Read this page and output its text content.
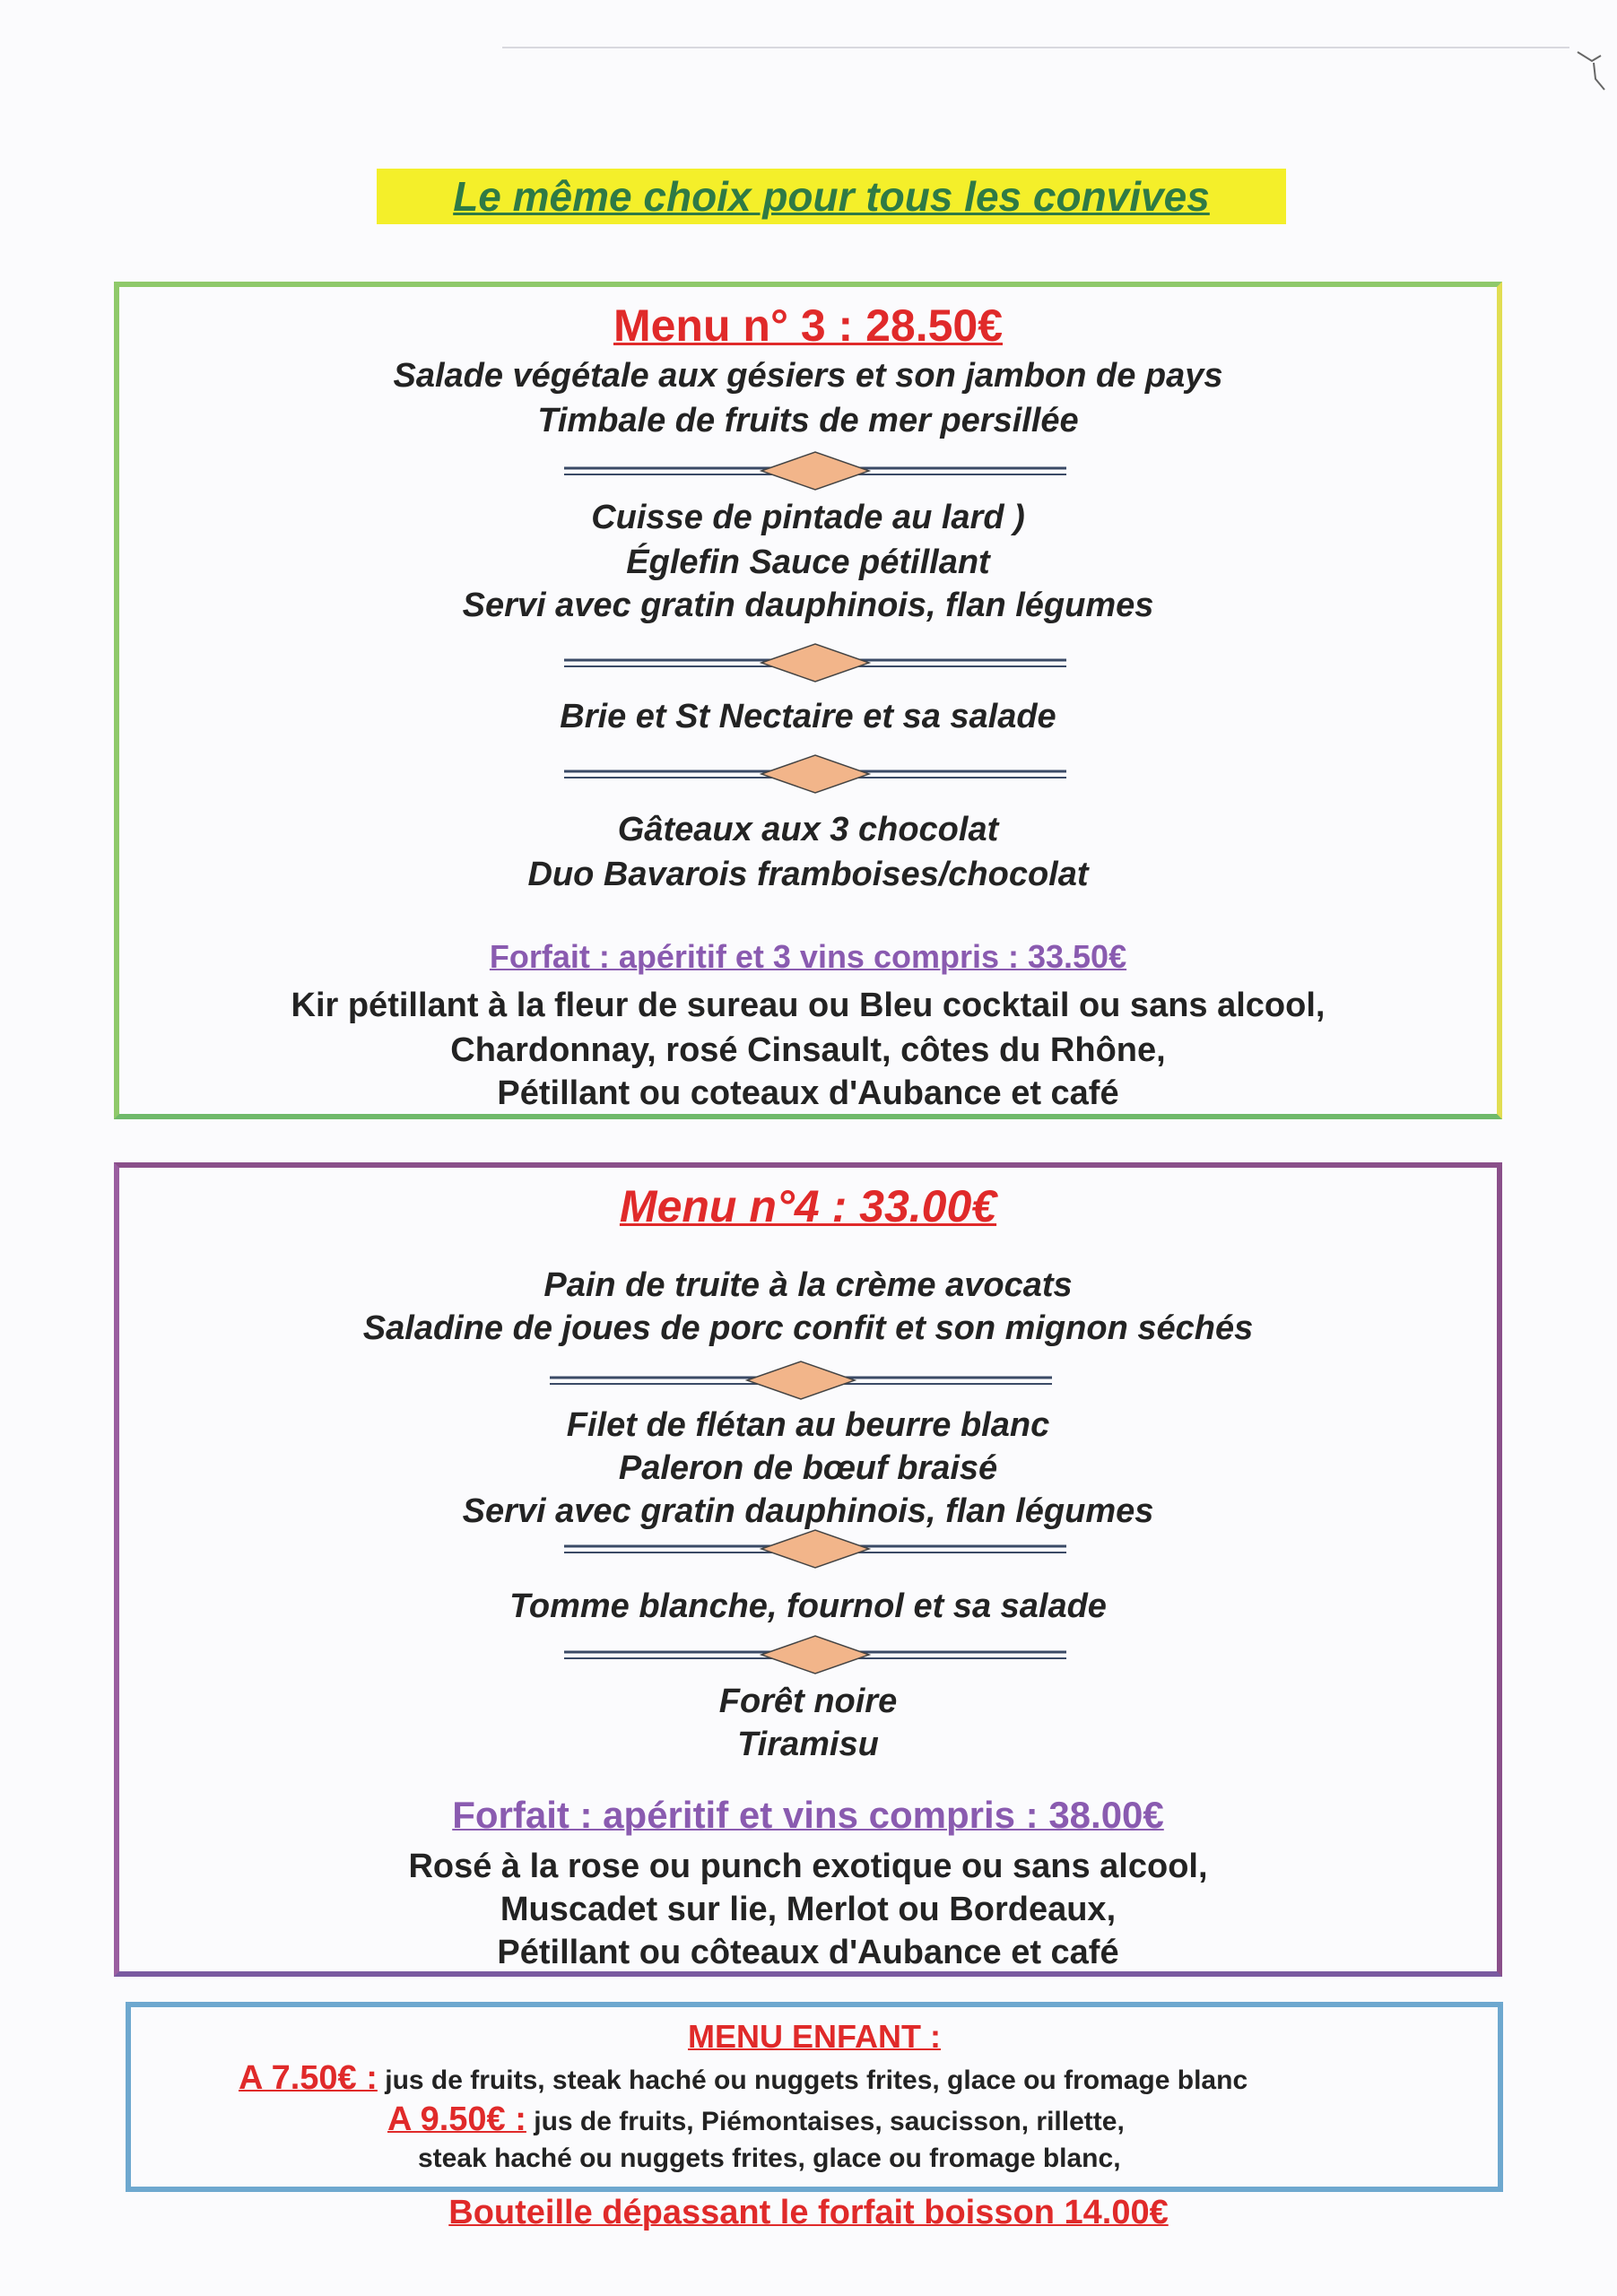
Le même choix pour tous les convives
Menu n° 3 : 28.50€
Salade végétale aux gésiers et son jambon de pays
Timbale de fruits de mer persillée
Cuisse de pintade au lard )
Églefin Sauce pétillant
Servi avec gratin dauphinois, flan légumes
Brie et St Nectaire et sa salade
Gâteaux aux 3 chocolat
Duo Bavarois framboises/chocolat
Forfait : apéritif et 3 vins compris : 33.50€
Kir pétillant à la fleur de sureau ou Bleu cocktail ou sans alcool,
Chardonnay, rosé Cinsault, côtes du Rhône,
Pétillant ou coteaux d'Aubance et café
Menu n°4 : 33.00€
Pain de truite à la crème avocats
Saladine de joues de porc confit et son mignon séchés
Filet de flétan au beurre blanc
Paleron de bœuf braisé
Servi avec gratin dauphinois, flan légumes
Tomme blanche, fournol et sa salade
Forêt noire
Tiramisu
Forfait : apéritif et vins compris : 38.00€
Rosé à la rose ou punch exotique ou sans alcool,
Muscadet sur lie, Merlot ou Bordeaux,
Pétillant ou côteaux d'Aubance et café
MENU ENFANT :
A 7.50€ : jus de fruits, steak haché ou nuggets frites, glace ou fromage blanc
A 9.50€ : jus de fruits, Piémontaises, saucisson, rillette,
steak haché ou nuggets frites, glace ou fromage blanc,
Bouteille dépassant le forfait boisson 14.00€
